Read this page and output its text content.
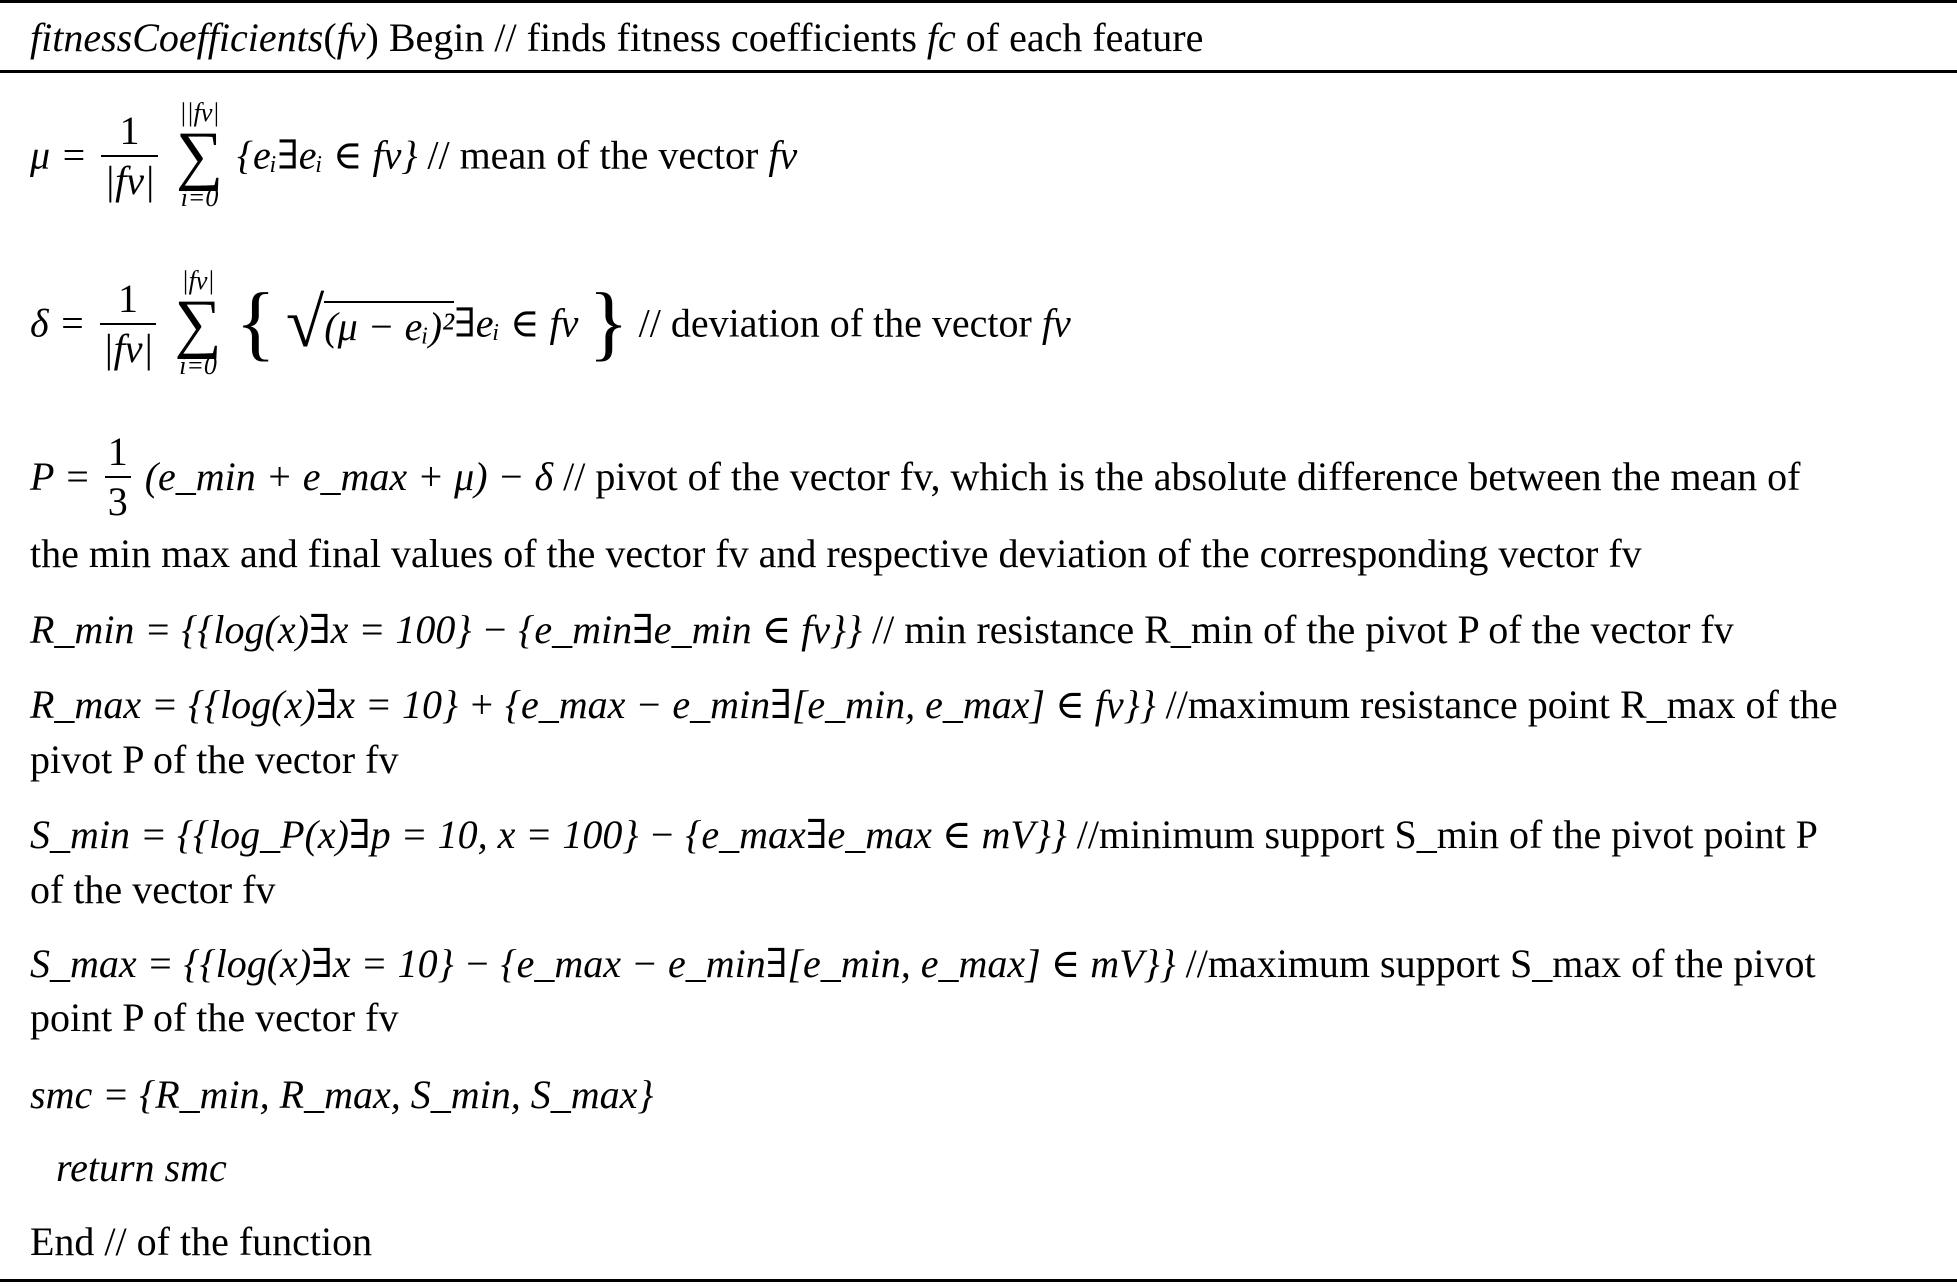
fitnessCoefficients(fv) Begin // finds fitness coefficients fc of each feature
$\mu = \frac{1}{|fv|}$
||fv|
∑
i=0
{eᵢ∃eᵢ ∈ fv} // mean of the vector fv
$\delta = \frac{1}{|fv|}$
|fv|
∑
i=0 { √(μ − eᵢ)²∃eᵢ ∈ fv } // deviation of the vector fv
$P = \frac{1}{3}$ (e_min + e_max + μ) − δ // pivot of the vector fv, which is the absolute difference between the mean of
the min max and final values of the vector fv and respective deviation of the corresponding vector fv
R_min = {{log(x)∃x = 100} − {e_min∃e_min ∈ fv}} // min resistance R_min of the pivot P of the vector fv
R_max = {{log(x)∃x = 10} + {e_max − e_min∃[e_min, e_max] ∈ fv}} //maximum resistance point R_max of the
pivot P of the vector fv
S_min = {{log_P(x)∃p = 10, x = 100} − {e_max∃e_max ∈ mV}} //minimum support S_min of the pivot point P
of the vector fv
S_max = {{log(x)∃x = 10} − {e_max − e_min∃[e_min, e_max] ∈ mV}} //maximum support S_max of the pivot
point P of the vector fv
smc = {R_min, R_max, S_min, S_max}
return smc
End // of the function
